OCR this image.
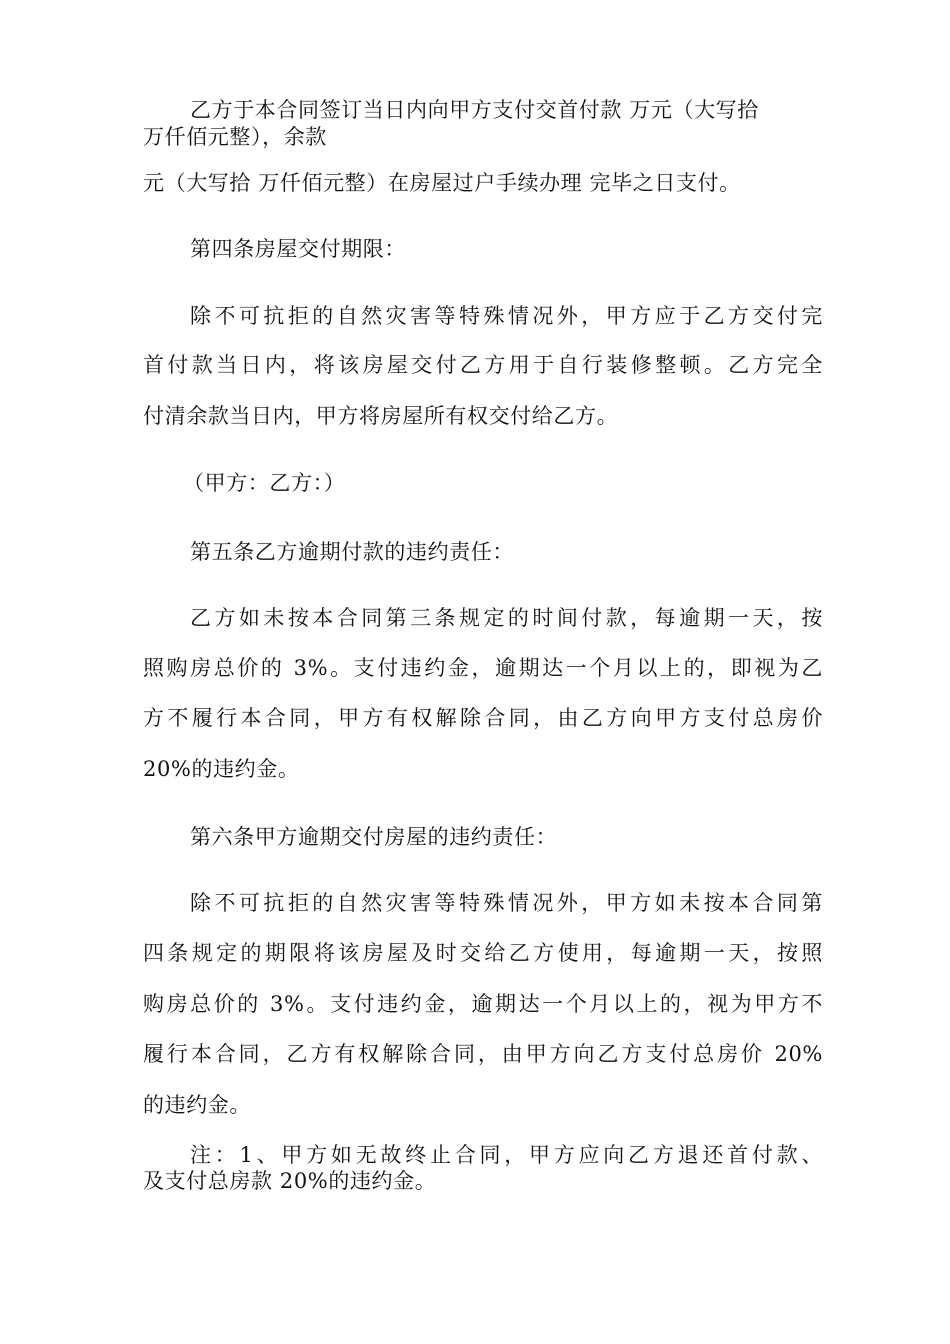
乙方于本合同签订当日内向甲方支付交首付款 万元（大写拾
万仟佰元整），余款
元（大写拾 万仟佰元整）在房屋过户手续办理 完毕之日支付。
第四条房屋交付期限：
除不可抗拒的自然灾害等特殊情况外，甲方应于乙方交付完
首付款当日内，将该房屋交付乙方用于自行装修整顿。乙方完全
付清余款当日内，甲方将房屋所有权交付给乙方。
（甲方：乙方：）
第五条乙方逾期付款的违约责任：
乙方如未按本合同第三条规定的时间付款，每逾期一天，按
照购房总价的 3%。支付违约金，逾期达一个月以上的，即视为乙
方不履行本合同，甲方有权解除合同，由乙方向甲方支付总房价
20%的违约金。
第六条甲方逾期交付房屋的违约责任：
除不可抗拒的自然灾害等特殊情况外，甲方如未按本合同第
四条规定的期限将该房屋及时交给乙方使用，每逾期一天，按照
购房总价的 3%。支付违约金，逾期达一个月以上的，视为甲方不
履行本合同，乙方有权解除合同，由甲方向乙方支付总房价 20%
的违约金。
注：1、甲方如无故终止合同，甲方应向乙方退还首付款、
及支付总房款 20%的违约金。
